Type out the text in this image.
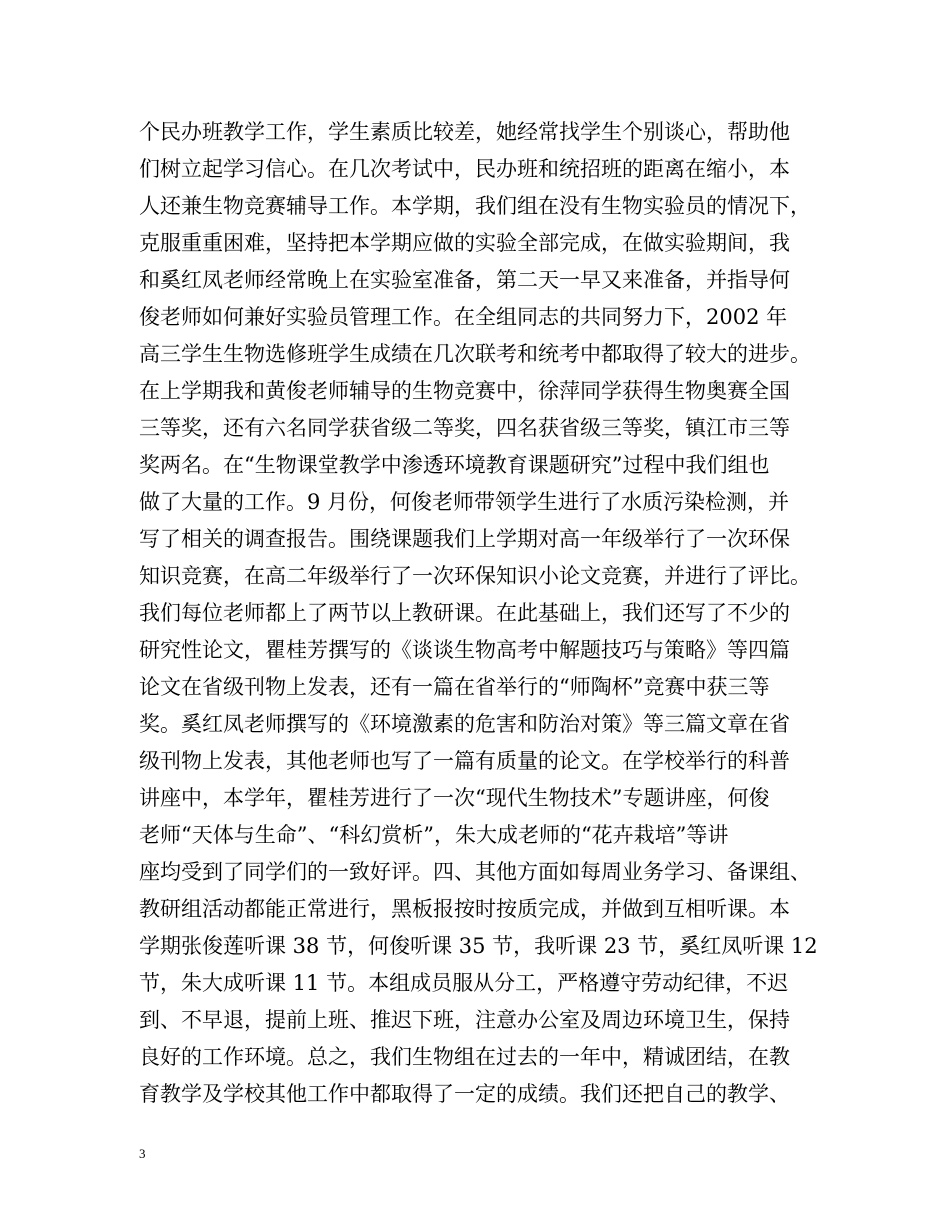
个民办班教学工作，学生素质比较差，她经常找学生个别谈心，帮助他
们树立起学习信心。在几次考试中，民办班和统招班的距离在缩小，本
人还兼生物竞赛辅导工作。本学期，我们组在没有生物实验员的情况下，
克服重重困难，坚持把本学期应做的实验全部完成，在做实验期间，我
和奚红凤老师经常晚上在实验室准备，第二天一早又来准备，并指导何
俊老师如何兼好实验员管理工作。在全组同志的共同努力下，2002 年
高三学生生物选修班学生成绩在几次联考和统考中都取得了较大的进步。
在上学期我和黄俊老师辅导的生物竞赛中，徐萍同学获得生物奥赛全国
三等奖，还有六名同学获省级二等奖，四名获省级三等奖，镇江市三等
奖两名。在“生物课堂教学中渗透环境教育课题研究”过程中我们组也
做了大量的工作。9 月份，何俊老师带领学生进行了水质污染检测，并
写了相关的调查报告。围绕课题我们上学期对高一年级举行了一次环保
知识竞赛，在高二年级举行了一次环保知识小论文竞赛，并进行了评比。
我们每位老师都上了两节以上教研课。在此基础上，我们还写了不少的
研究性论文，瞿桂芳撰写的《谈谈生物高考中解题技巧与策略》等四篇
论文在省级刊物上发表，还有一篇在省举行的“师陶杯”竞赛中获三等
奖。奚红凤老师撰写的《环境激素的危害和防治对策》等三篇文章在省
级刊物上发表，其他老师也写了一篇有质量的论文。在学校举行的科普
讲座中，本学年，瞿桂芳进行了一次“现代生物技术”专题讲座，何俊
老师“天体与生命”、“科幻赏析”，朱大成老师的“花卉栽培”等讲
座均受到了同学们的一致好评。四、其他方面如每周业务学习、备课组、
教研组活动都能正常进行，黑板报按时按质完成，并做到互相听课。本
学期张俊莲听课 38 节，何俊听课 35 节，我听课 23 节，奚红凤听课 12
节，朱大成听课 11 节。本组成员服从分工，严格遵守劳动纪律，不迟
到、不早退，提前上班、推迟下班，注意办公室及周边环境卫生，保持
良好的工作环境。总之，我们生物组在过去的一年中，精诚团结，在教
育教学及学校其他工作中都取得了一定的成绩。我们还把自己的教学、
3
